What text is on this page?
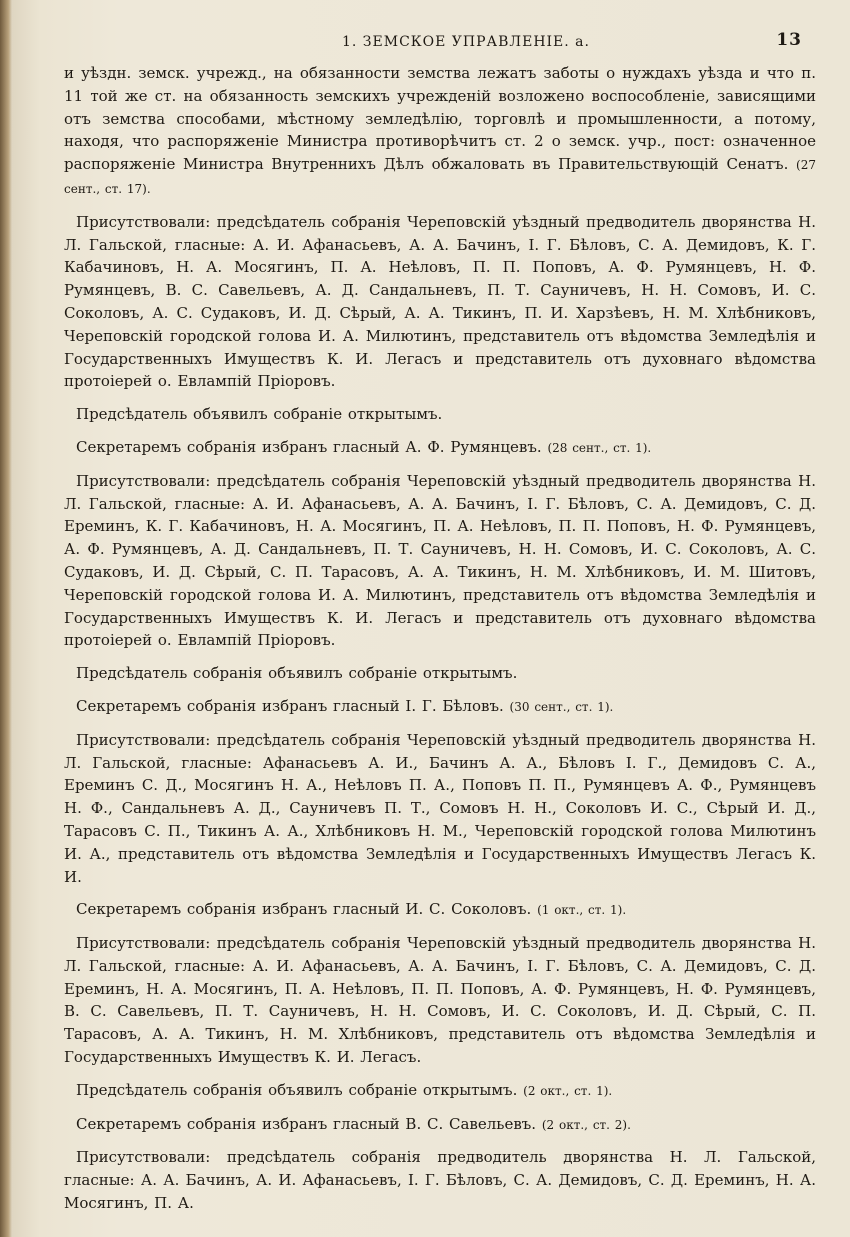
1. ЗЕМСКОЕ УПРАВЛЕНIЕ. а.	13

и уѣздн. земск. учрежд., на обязанности земства лежатъ заботы о нуждахъ уѣзда и что п. 11 той же ст. на обязанность земскихъ учрежденій возложено воспособленіе, зависящими отъ земства способами, мѣстному земледѣлію, торговлѣ и промышленности, а потому, находя, что распоряженіе Министра противорѣчитъ ст. 2 о земск. учр., пост: означенное распоряженіе Министра Внутреннихъ Дѣлъ обжаловать въ Правительствующій Сенатъ. (27 сент., ст. 17).

Присутствовали: предсѣдатель собранія Череповскій уѣздный предводитель дворянства Н. Л. Гальской, гласные: А. И. Афанасьевъ, А. А. Бачинъ, I. Г. Бѣловъ, С. А. Демидовъ, К. Г. Кабачиновъ, Н. А. Мосягинъ, П. А. Неѣловъ, П. П. Поповъ, А. Ф. Румянцевъ, Н. Ф. Румянцевъ, В. С. Савельевъ, А. Д. Сандальневъ, П. Т. Сауничевъ, Н. Н. Сомовъ, И. С. Соколовъ, А. С. Судаковъ, И. Д. Сѣрый, А. А. Тикинъ, П. И. Харзѣевъ, Н. М. Хлѣбниковъ, Череповскій городской голова И. А. Милютинъ, представитель отъ вѣдомства Земледѣлія и Государственныхъ Имуществъ К. И. Легасъ и представитель отъ духовнаго вѣдомства протоіерей о. Евлампій Пріоровъ.

Предсѣдатель объявилъ собраніе открытымъ.

Секретаремъ собранія избранъ гласный А. Ф. Румянцевъ. (28 сент., ст. 1).

Присутствовали: предсѣдатель собранія Череповскій уѣздный предводитель дворянства Н. Л. Гальской, гласные: А. И. Афанасьевъ, А. А. Бачинъ, I. Г. Бѣловъ, С. А. Демидовъ, С. Д. Ереминъ, К. Г. Кабачиновъ, Н. А. Мосягинъ, П. А. Неѣловъ, П. П. Поповъ, Н. Ф. Румянцевъ, А. Ф. Румянцевъ, А. Д. Сандальневъ, П. Т. Сауничевъ, Н. Н. Сомовъ, И. С. Соколовъ, А. С. Судаковъ, И. Д. Сѣрый, С. П. Тарасовъ, А. А. Тикинъ, Н. М. Хлѣбниковъ, И. М. Шитовъ, Череповскій городской голова И. А. Милютинъ, представитель отъ вѣдомства Земледѣлія и Государственныхъ Имуществъ К. И. Легасъ и представитель отъ духовнаго вѣдомства протоіерей о. Евлампій Пріоровъ.

Предсѣдатель собранія объявилъ собраніе открытымъ.

Секретаремъ собранія избранъ гласный I. Г. Бѣловъ. (30 сент., ст. 1).

Присутствовали: предсѣдатель собранія Череповскій уѣздный предводитель дворянства Н. Л. Гальской, гласные: Афанасьевъ А. И., Бачинъ А. А., Бѣловъ I. Г., Демидовъ С. А., Ереминъ С. Д., Мосягинъ Н. А., Неѣловъ П. А., Поповъ П. П., Румянцевъ А. Ф., Румянцевъ Н. Ф., Сандальневъ А. Д., Сауничевъ П. Т., Сомовъ Н. Н., Соколовъ И. С., Сѣрый И. Д., Тарасовъ С. П., Тикинъ А. А., Хлѣбниковъ Н. М., Череповскій городской голова Милютинъ И. А., представитель отъ вѣдомства Земледѣлія и Государственныхъ Имуществъ Легасъ К. И.

Секретаремъ собранія избранъ гласный И. С. Соколовъ. (1 окт., ст. 1).

Присутствовали: предсѣдатель собранія Череповскій уѣздный предводитель дворянства Н. Л. Гальской, гласные: А. И. Афанасьевъ, А. А. Бачинъ, I. Г. Бѣловъ, С. А. Демидовъ, С. Д. Ереминъ, Н. А. Мосягинъ, П. А. Неѣловъ, П. П. Поповъ, А. Ф. Румянцевъ, Н. Ф. Румянцевъ, В. С. Савельевъ, П. Т. Сауничевъ, Н. Н. Сомовъ, И. С. Соколовъ, И. Д. Сѣрый, С. П. Тарасовъ, А. А. Тикинъ, Н. М. Хлѣбниковъ, представитель отъ вѣдомства Земледѣлія и Государственныхъ Имуществъ К. И. Легасъ.

Предсѣдатель собранія объявилъ собраніе открытымъ. (2 окт., ст. 1).

Секретаремъ собранія избранъ гласный В. С. Савельевъ. (2 окт., ст. 2).

Присутствовали: предсѣдатель собранія предводитель дворянства Н. Л. Гальской, гласные: А. А. Бачинъ, А. И. Афанасьевъ, I. Г. Бѣловъ, С. А. Демидовъ, С. Д. Ереминъ, Н. А. Мосягинъ, П. А.
